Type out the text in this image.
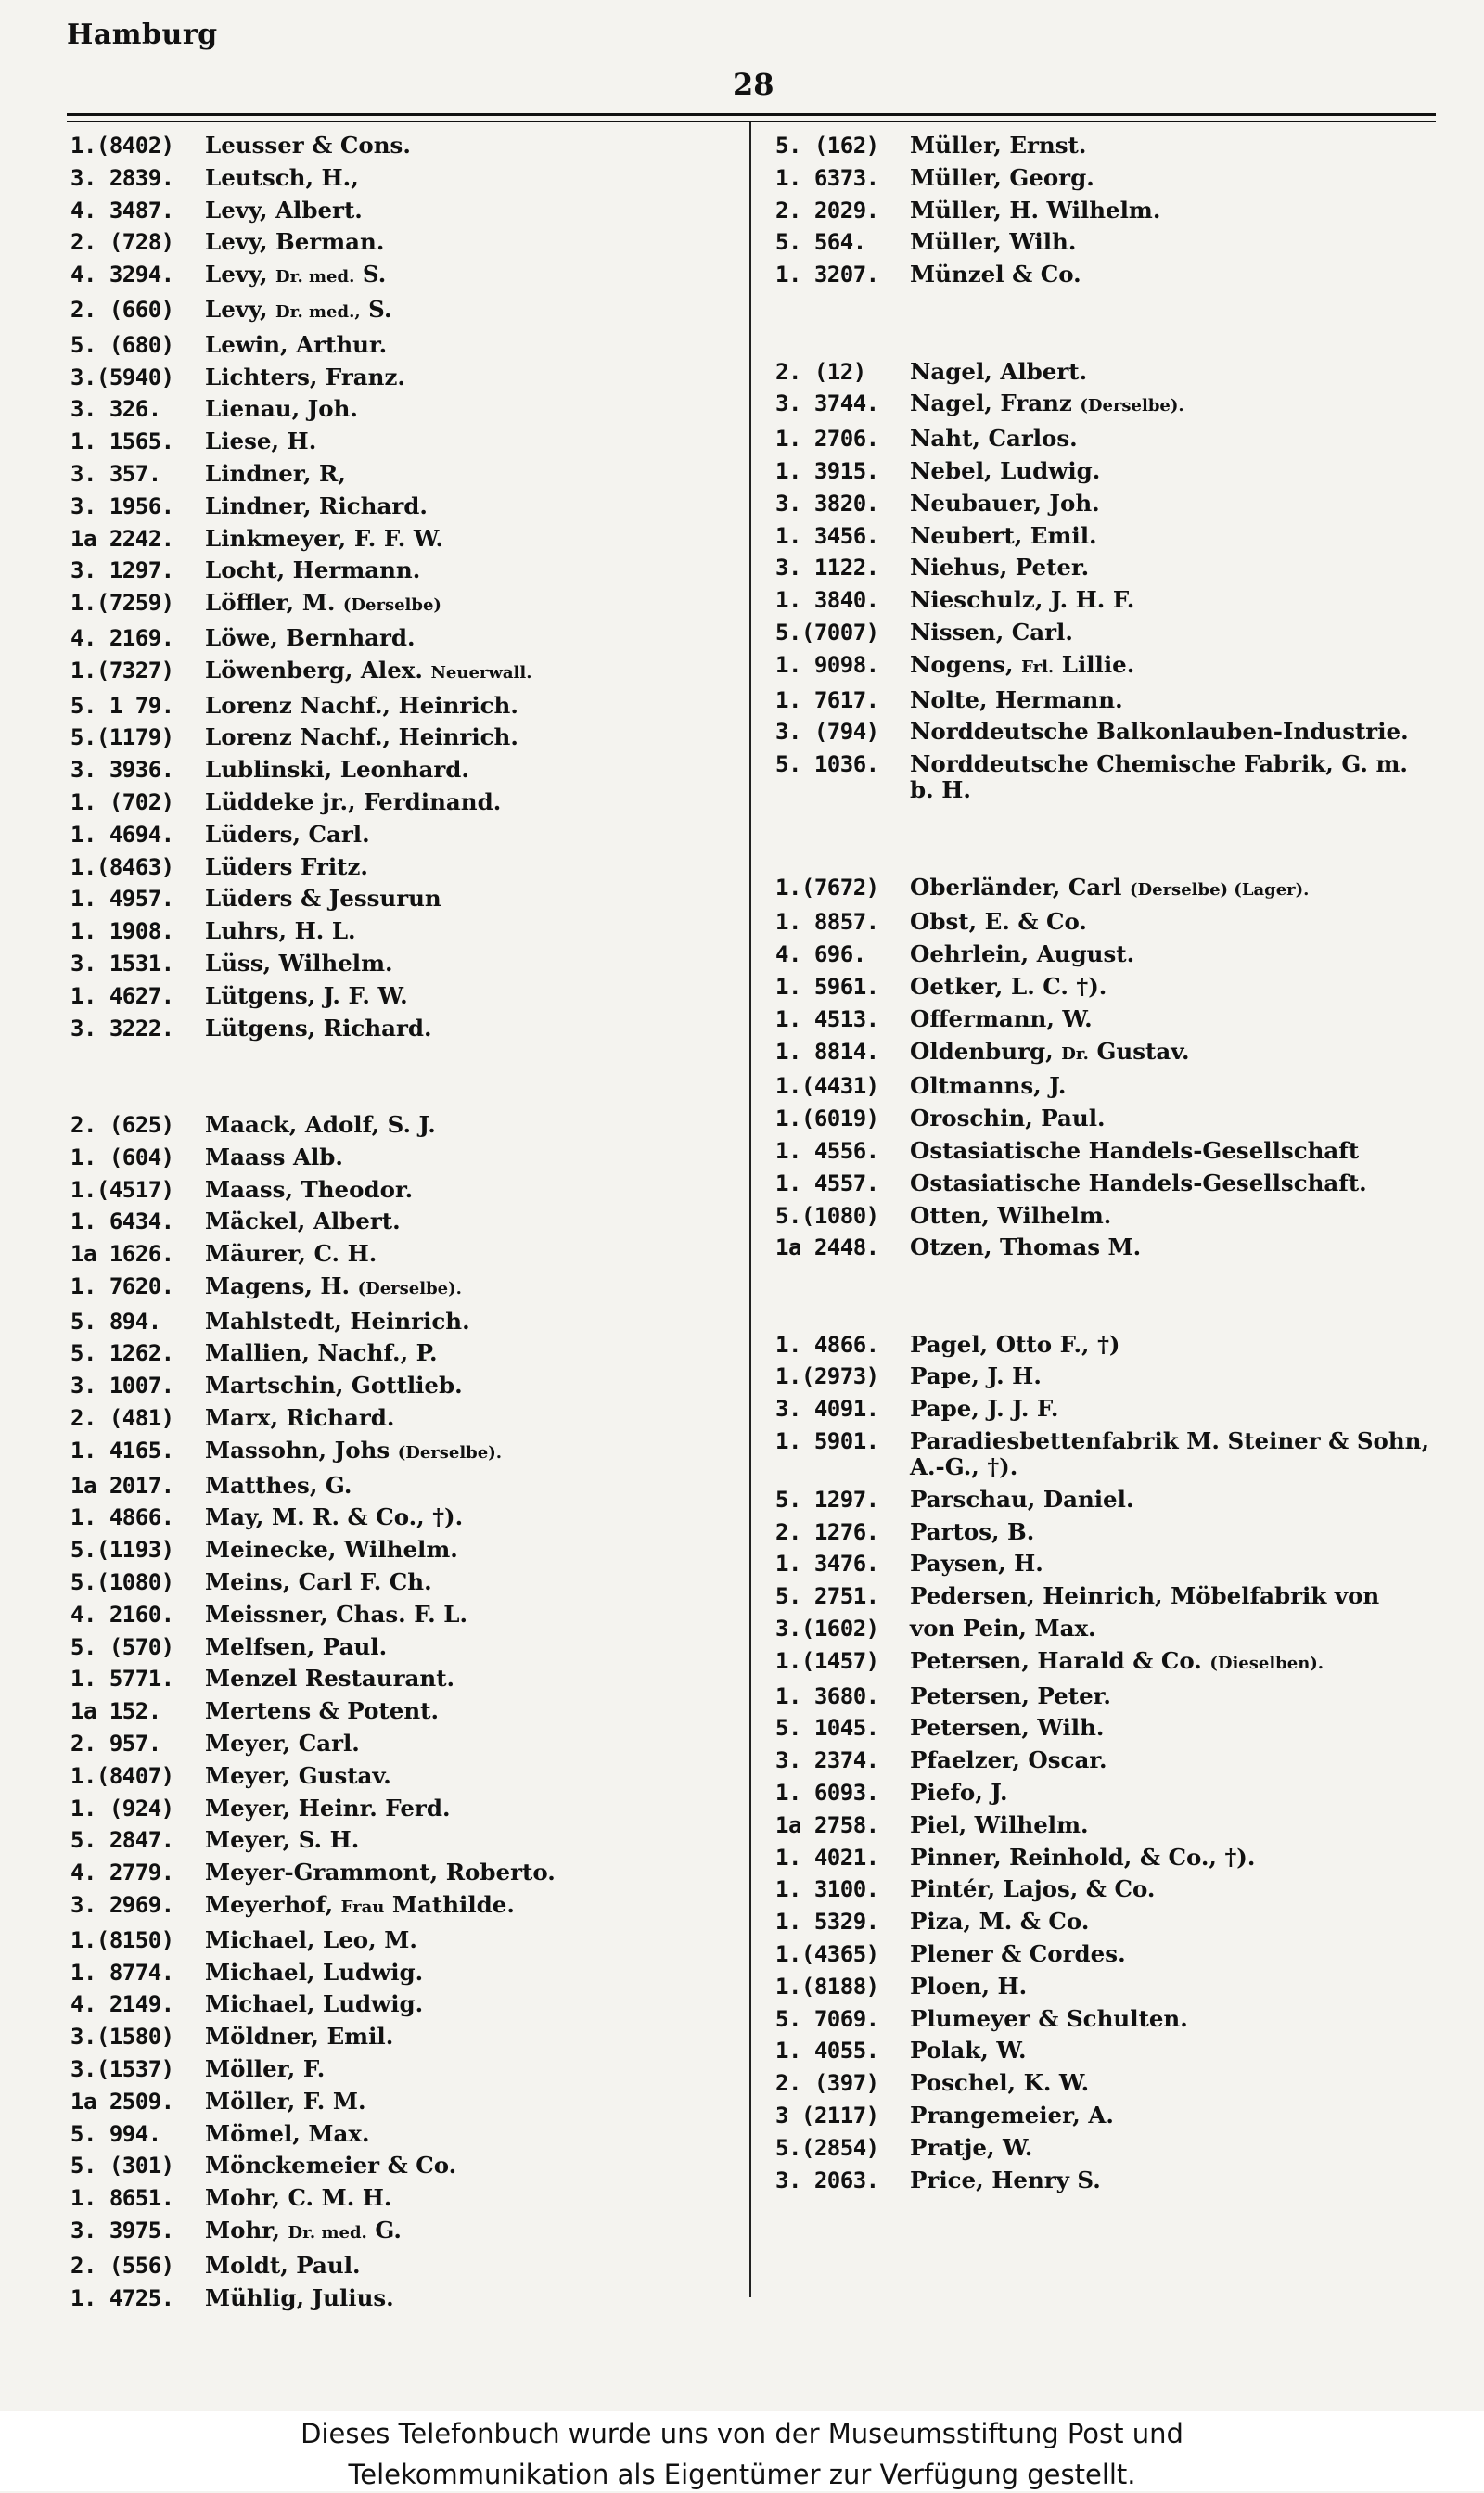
Hamburg
28
1.(8402)	Leusser & Cons.
3. 2839.	Leutsch, H.,
4. 3487.	Levy, Albert.
2. (728)	Levy, Berman.
4. 3294.	Levy, Dr. med. S.
2. (660)	Levy, Dr. med., S.
5. (680)	Lewin, Arthur.
3.(5940)	Lichters, Franz.
3. 326.	Lienau, Joh.
1. 1565.	Liese, H.
3. 357.	Lindner, R,
3. 1956.	Lindner, Richard.
1a 2242.	Linkmeyer, F. F. W.
3. 1297.	Locht, Hermann.
1.(7259)	Löffler, M. (Derselbe)
4. 2169.	Löwe, Bernhard.
1.(7327)	Löwenberg, Alex. Neuerwall.
5. 1 79.	Lorenz Nachf., Heinrich.
5.(1179)	Lorenz Nachf., Heinrich.
3. 3936.	Lublinski, Leonhard.
1. (702)	Lüddeke jr., Ferdinand.
1. 4694.	Lüders, Carl.
1.(8463)	Lüders Fritz.
1. 4957.	Lüders & Jessurun
1. 1908.	Luhrs, H. L.
3. 1531.	Lüss, Wilhelm.
1. 4627.	Lütgens, J. F. W.
3. 3222.	Lütgens, Richard.
2. (625)	Maack, Adolf, S. J.
1. (604)	Maass Alb.
1.(4517)	Maass, Theodor.
1. 6434.	Mäckel, Albert.
1a 1626.	Mäurer, C. H.
1. 7620.	Magens, H. (Derselbe).
5. 894.	Mahlstedt, Heinrich.
5. 1262.	Mallien, Nachf., P.
3. 1007.	Martschin, Gottlieb.
2. (481)	Marx, Richard.
1. 4165.	Massohn, Johs (Derselbe).
1a 2017.	Matthes, G.
1. 4866.	May, M. R. & Co., †).
5.(1193)	Meinecke, Wilhelm.
5.(1080)	Meins, Carl F. Ch.
4. 2160.	Meissner, Chas. F. L.
5. (570)	Melfsen, Paul.
1. 5771.	Menzel Restaurant.
1a 152.	Mertens & Potent.
2. 957.	Meyer, Carl.
1.(8407)	Meyer, Gustav.
1. (924)	Meyer, Heinr. Ferd.
5. 2847.	Meyer, S. H.
4. 2779.	Meyer-Grammont, Roberto.
3. 2969.	Meyerhof, Frau Mathilde.
1.(8150)	Michael, Leo, M.
1. 8774.	Michael, Ludwig.
4. 2149.	Michael, Ludwig.
3.(1580)	Möldner, Emil.
3.(1537)	Möller, F.
1a 2509.	Möller, F. M.
5. 994.	Mömel, Max.
5. (301)	Mönckemeier & Co.
1. 8651.	Mohr, C. M. H.
3. 3975.	Mohr, Dr. med. G.
2. (556)	Moldt, Paul.
1. 4725.	Mühlig, Julius.
5. (162)	Müller, Ernst.
1. 6373.	Müller, Georg.
2. 2029.	Müller, H. Wilhelm.
5. 564.	Müller, Wilh.
1. 3207.	Münzel & Co.
2. (12)	Nagel, Albert.
3. 3744.	Nagel, Franz (Derselbe).
1. 2706.	Naht, Carlos.
1. 3915.	Nebel, Ludwig.
3. 3820.	Neubauer, Joh.
1. 3456.	Neubert, Emil.
3. 1122.	Niehus, Peter.
1. 3840.	Nieschulz, J. H. F.
5.(7007)	Nissen, Carl.
1. 9098.	Nogens, Frl. Lillie.
1. 7617.	Nolte, Hermann.
3. (794)	Norddeutsche Balkonlauben-Industrie.
5. 1036.	Norddeutsche Chemische Fabrik, G. m. b. H.
1.(7672)	Oberländer, Carl (Derselbe) (Lager).
1. 8857.	Obst, E. & Co.
4. 696.	Oehrlein, August.
1. 5961.	Oetker, L. C. †).
1. 4513.	Offermann, W.
1. 8814.	Oldenburg, Dr. Gustav.
1.(4431)	Oltmanns, J.
1.(6019)	Oroschin, Paul.
1. 4556.	Ostasiatische Handels-Gesellschaft
1. 4557.	Ostasiatische Handels-Gesellschaft.
5.(1080)	Otten, Wilhelm.
1a 2448.	Otzen, Thomas M.
1. 4866.	Pagel, Otto F., †)
1.(2973)	Pape, J. H.
3. 4091.	Pape, J. J. F.
1. 5901.	Paradiesbettenfabrik M. Steiner & Sohn, A.-G., †).
5. 1297.	Parschau, Daniel.
2. 1276.	Partos, B.
1. 3476.	Paysen, H.
5. 2751.	Pedersen, Heinrich, Möbelfabrik von
3.(1602)	von Pein, Max.
1.(1457)	Petersen, Harald & Co. (Dieselben).
1. 3680.	Petersen, Peter.
5. 1045.	Petersen, Wilh.
3. 2374.	Pfaelzer, Oscar.
1. 6093.	Piefo, J.
1a 2758.	Piel, Wilhelm.
1. 4021.	Pinner, Reinhold, & Co., †).
1. 3100.	Pintér, Lajos, & Co.
1. 5329.	Piza, M. & Co.
1.(4365)	Plener & Cordes.
1.(8188)	Ploen, H.
5. 7069.	Plumeyer & Schulten.
1. 4055.	Polak, W.
2. (397)	Poschel, K. W.
3 (2117)	Prangemeier, A.
5.(2854)	Pratje, W.
3. 2063.	Price, Henry S.
Dieses Telefonbuch wurde uns von der Museumsstiftung Post und
Telekommunikation als Eigentümer zur Verfügung gestellt.
